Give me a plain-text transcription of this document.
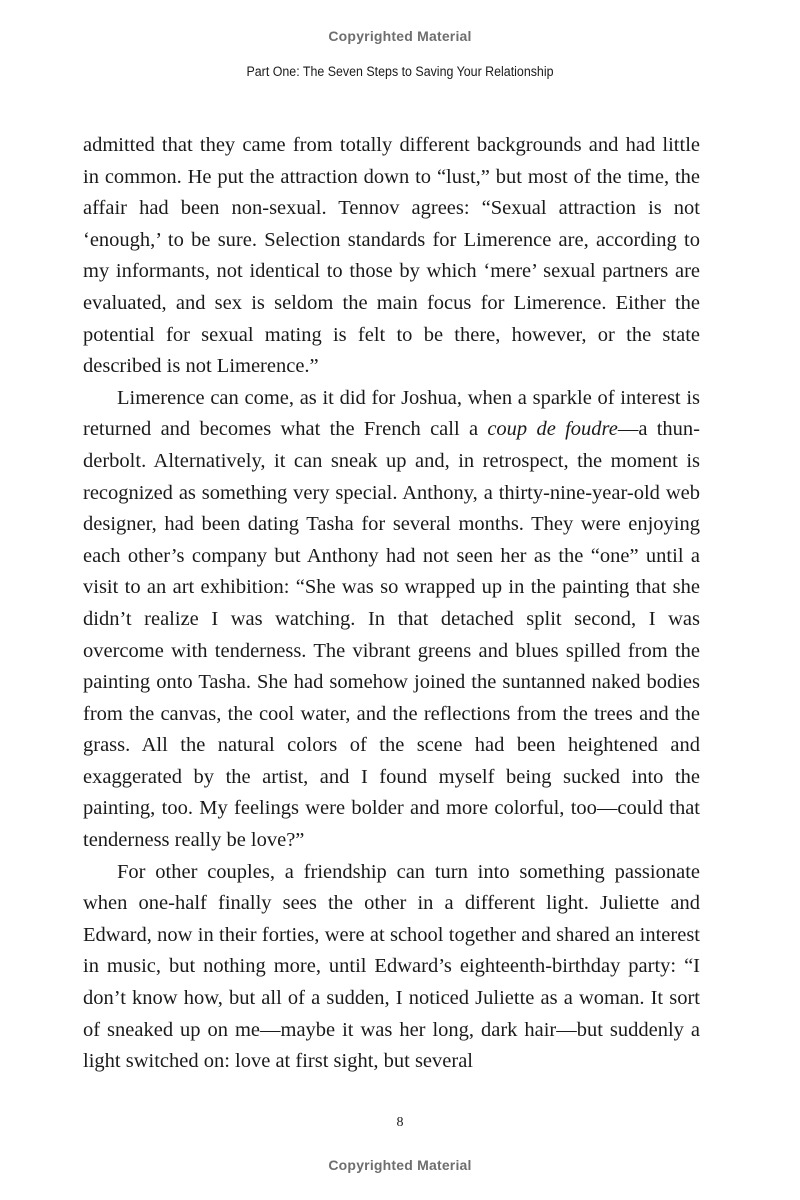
Copyrighted Material
Part One: The Seven Steps to Saving Your Relationship

admitted that they came from totally different backgrounds and had little in common. He put the attraction down to “lust,” but most of the time, the affair had been non-sexual. Tennov agrees: “Sexual attraction is not ‘enough,’ to be sure. Selection standards for Limerence are, according to my informants, not identical to those by which ‘mere’ sexual partners are evaluated, and sex is seldom the main focus for Limerence. Either the potential for sexual mating is felt to be there, however, or the state described is not Limerence.”

Limerence can come, as it did for Joshua, when a sparkle of interest is returned and becomes what the French call a coup de foudre—a thunderbolt. Alternatively, it can sneak up and, in retrospect, the moment is recognized as something very special. Anthony, a thirty-nine-year-old web designer, had been dating Tasha for several months. They were enjoying each other’s company but Anthony had not seen her as the “one” until a visit to an art exhibition: “She was so wrapped up in the painting that she didn’t realize I was watching. In that detached split second, I was overcome with tenderness. The vibrant greens and blues spilled from the painting onto Tasha. She had somehow joined the suntanned naked bodies from the canvas, the cool water, and the reflections from the trees and the grass. All the natural colors of the scene had been heightened and exaggerated by the artist, and I found myself being sucked into the painting, too. My feelings were bolder and more colorful, too—could that tenderness really be love?”

For other couples, a friendship can turn into something passionate when one-half finally sees the other in a different light. Juliette and Edward, now in their forties, were at school together and shared an interest in music, but nothing more, until Edward’s eighteenth-birthday party: “I don’t know how, but all of a sudden, I noticed Juliette as a woman. It sort of sneaked up on me—maybe it was her long, dark hair—but suddenly a light switched on: love at first sight, but several

8
Copyrighted Material
